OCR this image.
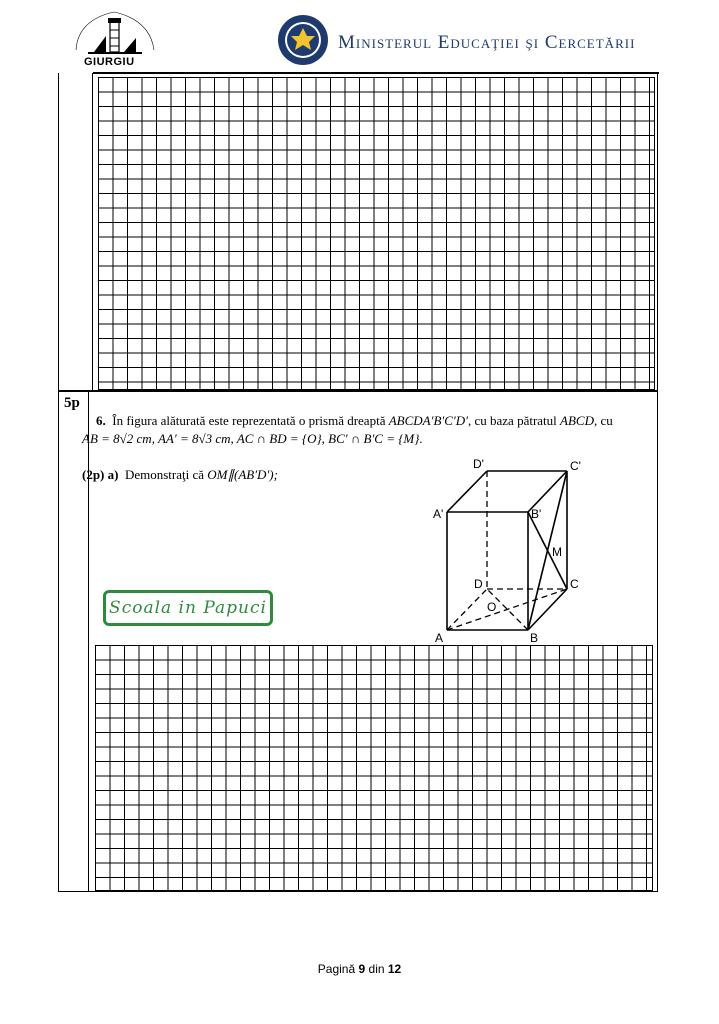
GIURGIU
Ministerul Educaţiei şi Cercetării
5p
6. În figura alăturată este reprezentată o prismă dreaptă ABCDA′B′C′D′, cu baza pătratul ABCD, cu
AB = 8√2 cm, AA′ = 8√3 cm, AC ∩ BD = {O}, BC′ ∩ B′C = {M}.
(2p) a) Demonstraţi că OM∥(AB′D′);
Scoala in Papuci
D'	C'
A'	B'
M
D	C
O
A	B
Pagină 9 din 12
